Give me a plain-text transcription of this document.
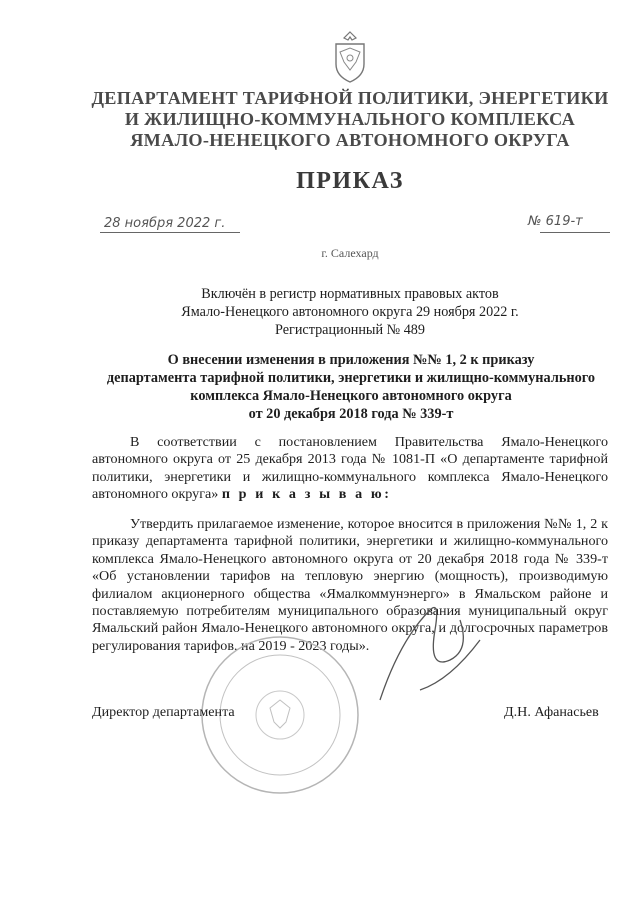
ДЕПАРТАМЕНТ ТАРИФНОЙ ПОЛИТИКИ, ЭНЕРГЕТИКИ
И ЖИЛИЩНО-КОММУНАЛЬНОГО КОМПЛЕКСА
ЯМАЛО-НЕНЕЦКОГО АВТОНОМНОГО ОКРУГА
ПРИКАЗ
28 ноября 2022 г.	№ 619-т
г. Салехард
Включён в регистр нормативных правовых актов
Ямало-Ненецкого автономного округа 29 ноября 2022 г.
Регистрационный № 489
О внесении изменения в приложения №№ 1, 2 к приказу
департамента тарифной политики, энергетики и жилищно-коммунального
комплекса Ямало-Ненецкого автономного округа
от 20 декабря 2018 года № 339-т

В соответствии с постановлением Правительства Ямало-Ненецкого автономного округа от 25 декабря 2013 года № 1081-П «О департаменте тарифной политики, энергетики и жилищно-коммунального комплекса Ямало-Ненецкого автономного округа» п р и к а з ы в а ю:

Утвердить прилагаемое изменение, которое вносится в приложения №№ 1, 2 к приказу департамента тарифной политики, энергетики и жилищно-коммунального комплекса Ямало-Ненецкого автономного округа от 20 декабря 2018 года № 339-т «Об установлении тарифов на тепловую энергию (мощность), производимую филиалом акционерного общества «Ямалкоммунэнерго» в Ямальском районе и поставляемую потребителям муниципального образования муниципальный округ Ямальский район Ямало-Ненецкого автономного округа, и долгосрочных параметров регулирования тарифов, на 2019 - 2023 годы».

Директор департамента	Д.Н. Афанасьев
